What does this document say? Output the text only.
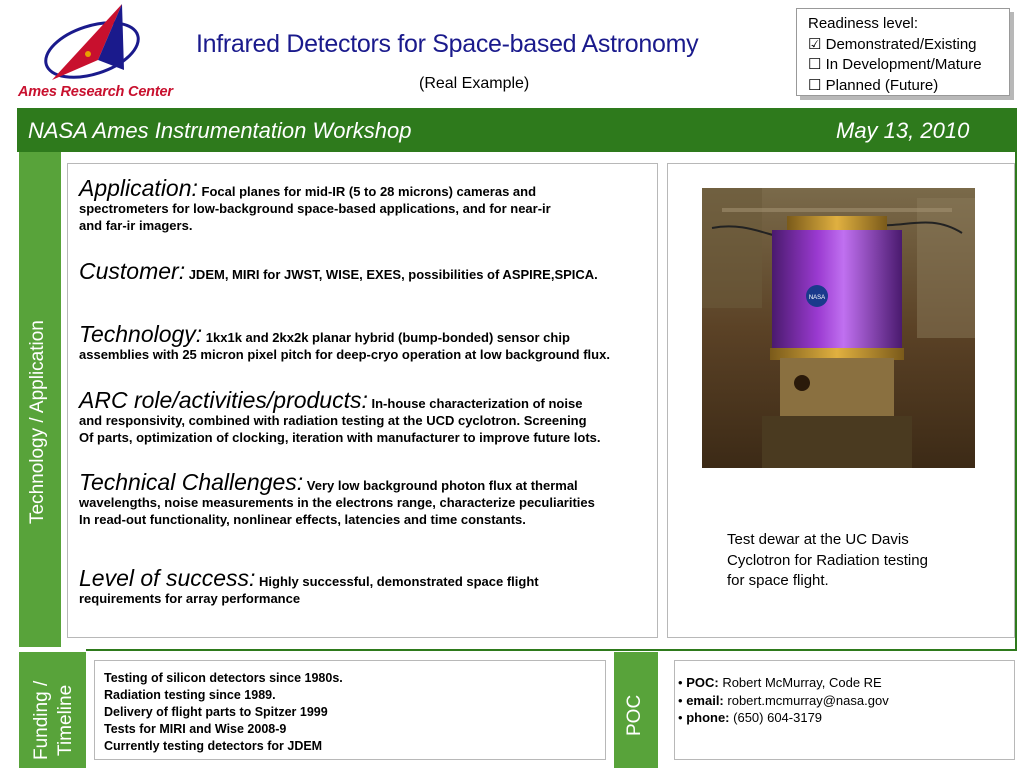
Ames Research Center
Infrared Detectors for Space-based Astronomy
(Real Example)
Readiness level:
☑ Demonstrated/Existing
☐ In Development/Mature
☐ Planned (Future)
NASA Ames Instrumentation Workshop	May 13, 2010
Technology / Application
Funding / Timeline	POC
Application: Focal planes for mid-IR (5 to 28 microns) cameras and
spectrometers for low-background space-based applications, and for near-ir
and far-ir imagers.
Customer: JDEM, MIRI for JWST, WISE, EXES, possibilities of ASPIRE,SPICA.
Technology: 1kx1k and 2kx2k planar hybrid (bump-bonded) sensor chip
assemblies with 25 micron pixel pitch for deep-cryo operation at low background flux.
ARC role/activities/products: In-house characterization of noise
and responsivity, combined with radiation testing at the UCD cyclotron. Screening
Of parts, optimization of clocking, iteration with manufacturer to improve future lots.
Technical Challenges: Very low background photon flux at thermal
wavelengths, noise measurements in the electrons range, characterize peculiarities
In read-out functionality, nonlinear effects, latencies and time constants.
Level of success: Highly successful, demonstrated space flight
requirements for array performance
NASA
Test dewar at the UC Davis
Cyclotron for Radiation testing
for space flight.
Testing of silicon detectors since 1980s.
Radiation testing since 1989.
Delivery of flight parts to Spitzer 1999
Tests for MIRI and Wise 2008-9
Currently testing detectors for JDEM
• POC: Robert McMurray, Code RE
• email: robert.mcmurray@nasa.gov
• phone: (650) 604-3179
